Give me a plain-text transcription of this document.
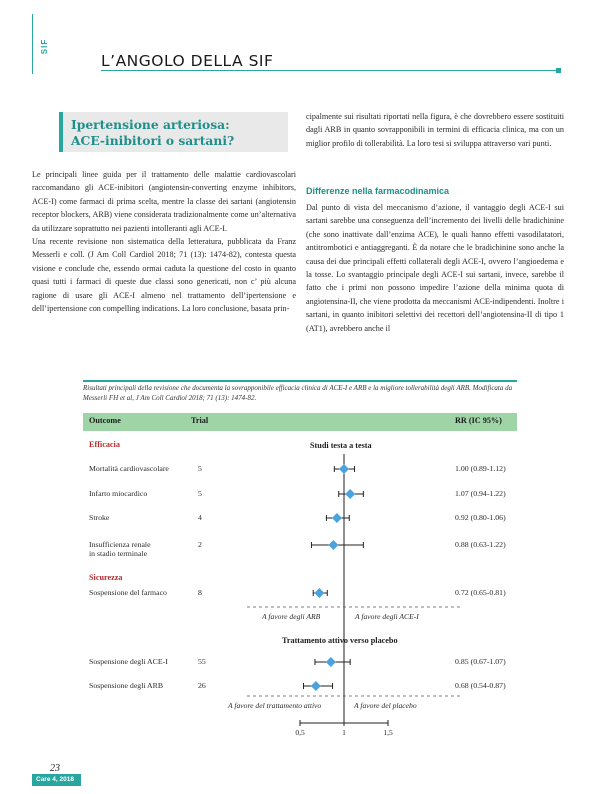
SIF
L’ANGOLO DELLA SIF
Ipertensione arteriosa:
ACE-inibitori o sartani?

Le principali linee guida per il trattamento delle malattie cardiovascolari raccomandano gli ACE-inibitori (angiotensin-converting enzyme inhibitors, ACE-I) come farmaci di prima scelta, mentre la classe dei sartani (angiotensin receptor blockers, ARB) viene considerata tradizionalmente come un’alternativa da utilizzare soprattutto nei pazienti intolleranti agli ACE-I.

Una recente revisione non sistematica della letteratura, pubblicata da Franz Messerli e coll. (J Am Coll Cardiol 2018; 71 (13): 1474-82), contesta questa visione e conclude che, essendo ormai caduta la questione del costo in quanto quasi tutti i farmaci di queste due classi sono genericati, non c’ più alcuna ragione di usare gli ACE-I almeno nel trattamento dell’ipertensione e dell’ipertensione con compelling indications. La loro conclusione, basata prin-

cipalmente sui risultati riportati nella figura, è che dovrebbero essere sostituiti dagli ARB in quanto sovrapponibili in termini di efficacia clinica, ma con un miglior profilo di tollerabilità. La loro tesi si sviluppa attraverso vari punti.

Differenze nella farmacodinamica

Dal punto di vista del meccanismo d’azione, il vantaggio degli ACE-I sui sartani sarebbe una conseguenza dell’incremento dei livelli delle bradichinine (che sono inattivate dall’enzima ACE), le quali hanno effetti vasodilatatori, antitrombotici e antiaggreganti. È da notare che le bradichinine sono anche la causa dei due principali effetti collaterali degli ACE-I, ovvero l’angioedema e la tosse. Lo svantaggio principale degli ACE-I sui sartani, invece, sarebbe il fatto che i primi non possono impedire l’azione della minima quota di angiotensina-II, che viene prodotta da meccanismi ACE-indipendenti. Inoltre i sartani, in quanto inibitori selettivi dei recettori dell’angiotensina-II di tipo 1 (AT1), avrebbero anche il

Risultati principali della revisione che documenta la sovrapponibile efficacia clinica di ACE-I e ARB e la migliore tollerabilità degli ARB. Modificata da Messerli FH et al, J Am Coll Cardiol 2018; 71 (13): 1474-82.
Outcome	Trial	RR (IC 95%)
Efficacia
Sicurezza
Studi testa a testa
Trattamento attivo verso placebo
A favore degli ARB	A favore degli ACE-I
A favore del trattamento attivo	A favore del placebo
Mortalità cardiovascolare	5	1.00 (0.89-1.12)
Infarto miocardico	5	1.07 (0.94-1.22)
Stroke	4	0.92 (0.80-1.06)
Insufficienza renale
in stadio terminale
2	0.88 (0.63-1.22)
Sospensione del farmaco	8	0.72 (0.65-0.81)
Sospensione degli ACE-I	55	0.85 (0.67-1.07)
Sospensione degli ARB	26	0.68 (0.54-0.87)
0,5	1	1,5
23
Care 4, 2018
